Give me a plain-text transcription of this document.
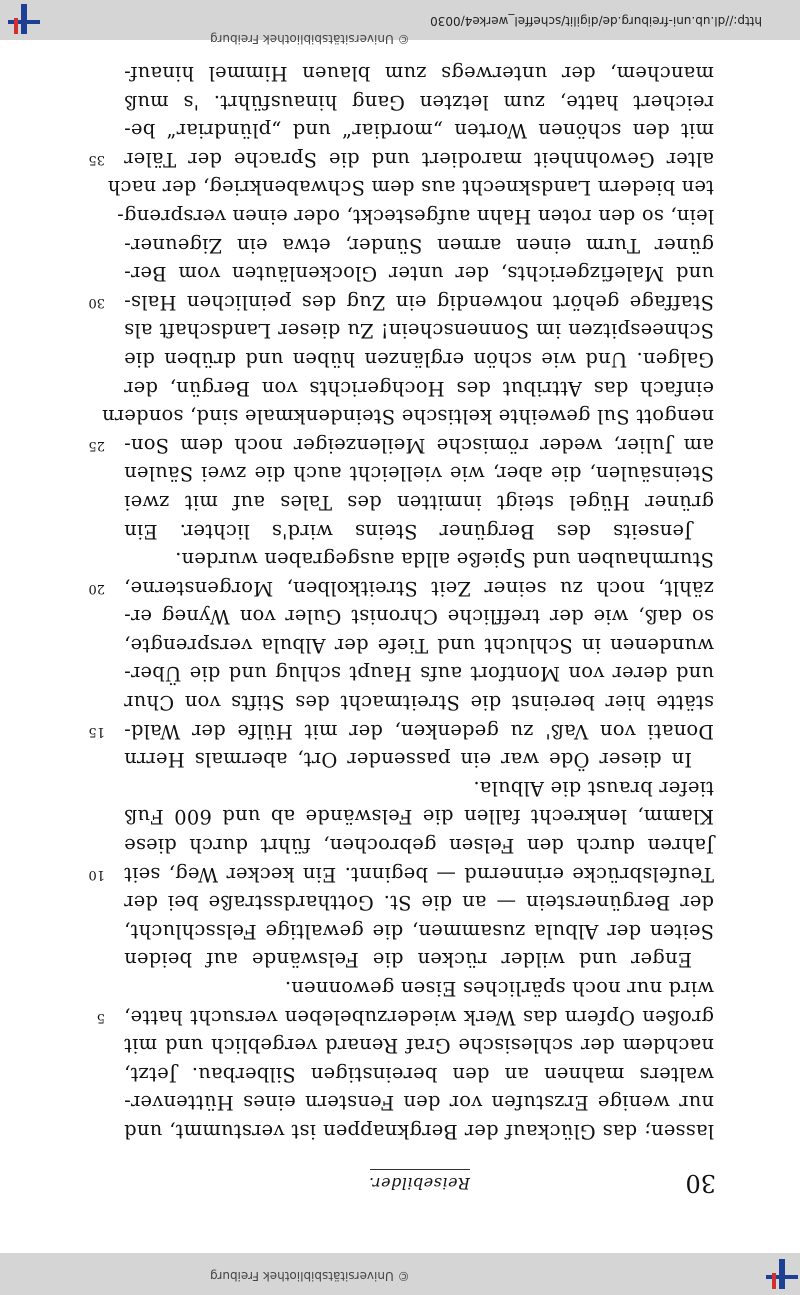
© Universitätsbibliothek Freiburg
30
Reisebilder.
lassen; das Glückauf der Bergknappen ist verstummt, und
nur wenige Erzstufen vor den Fenstern eines Hüttenver-
walters mahnen an den bereinstigen Silberbau. Jetzt,
nachdem der schlesische Graf Renard vergeblich und mit
großen Opfern das Werk wiederzubeleben versucht hatte,
wird nur noch spärliches Eisen gewonnen.
Enger und wilder rücken die Felswände auf beiden
Seiten der Albula zusammen, die gewaltige Felsschlucht,
der Bergünerstein — an die St. Gotthardsstraße bei der
Teufelsbrücke erinnernd — beginnt. Ein kecker Weg, seit
Jahren durch den Felsen gebrochen, führt durch diese
Klamm, lenkrecht fallen die Felswände ab und 600 Fuß
tiefer braust die Albula.
In dieser Öde war ein passender Ort, abermals Herrn
Donati von Vaß' zu gedenken, der mit Hülfe der Wald-
stätte hier bereinst die Streitmacht des Stifts von Chur
und derer von Montfort aufs Haupt schlug und die Über-
wundenen in Schlucht und Tiefe der Albula versprengte,
so daß, wie der treffliche Chronist Guler von Wyneg er-
zählt, noch zu seiner Zeit Streitkolben, Morgensterne,
Sturmhauben und Spieße allda ausgegraben wurden.
Jenseits des Bergüner Steins wird's lichter. Ein
grüner Hügel steigt inmitten des Tales auf mit zwei
Steinsäulen, die aber, wie vielleicht auch die zwei Säulen
am Julier, weder römische Meilenzeiger noch dem Son-
nengott Sul geweihte keltische Steindenkmale sind, sondern
einfach das Attribut des Hochgerichts von Bergün, der
Galgen. Und wie schön erglänzen hüben und drüben die
Schneespitzen im Sonnenschein! Zu dieser Landschaft als
Staffage gehört notwendig ein Zug des peinlichen Hals-
und Malefizgerichts, der unter Glockenläuten vom Ber-
güner Turm einen armen Sünder, etwa ein Zigeuner-
lein, so den roten Hahn aufgesteckt, oder einen verspreng-
ten biedern Landsknecht aus dem Schwabenkrieg, der nach
alter Gewohnheit marodiert und die Sprache der Täler
mit den schönen Worten „mordiar“ und „plündriar“ be-
reichert hatte, zum letzten Gang hinausführt. 's muß
manchem, der unterwegs zum blauen Himmel hinauf-
5
10
15
20
25
30
35
http://dl.ub.uni-freiburg.de/digilit/scheffel_werke4/0030
© Universitätsbibliothek Freiburg
